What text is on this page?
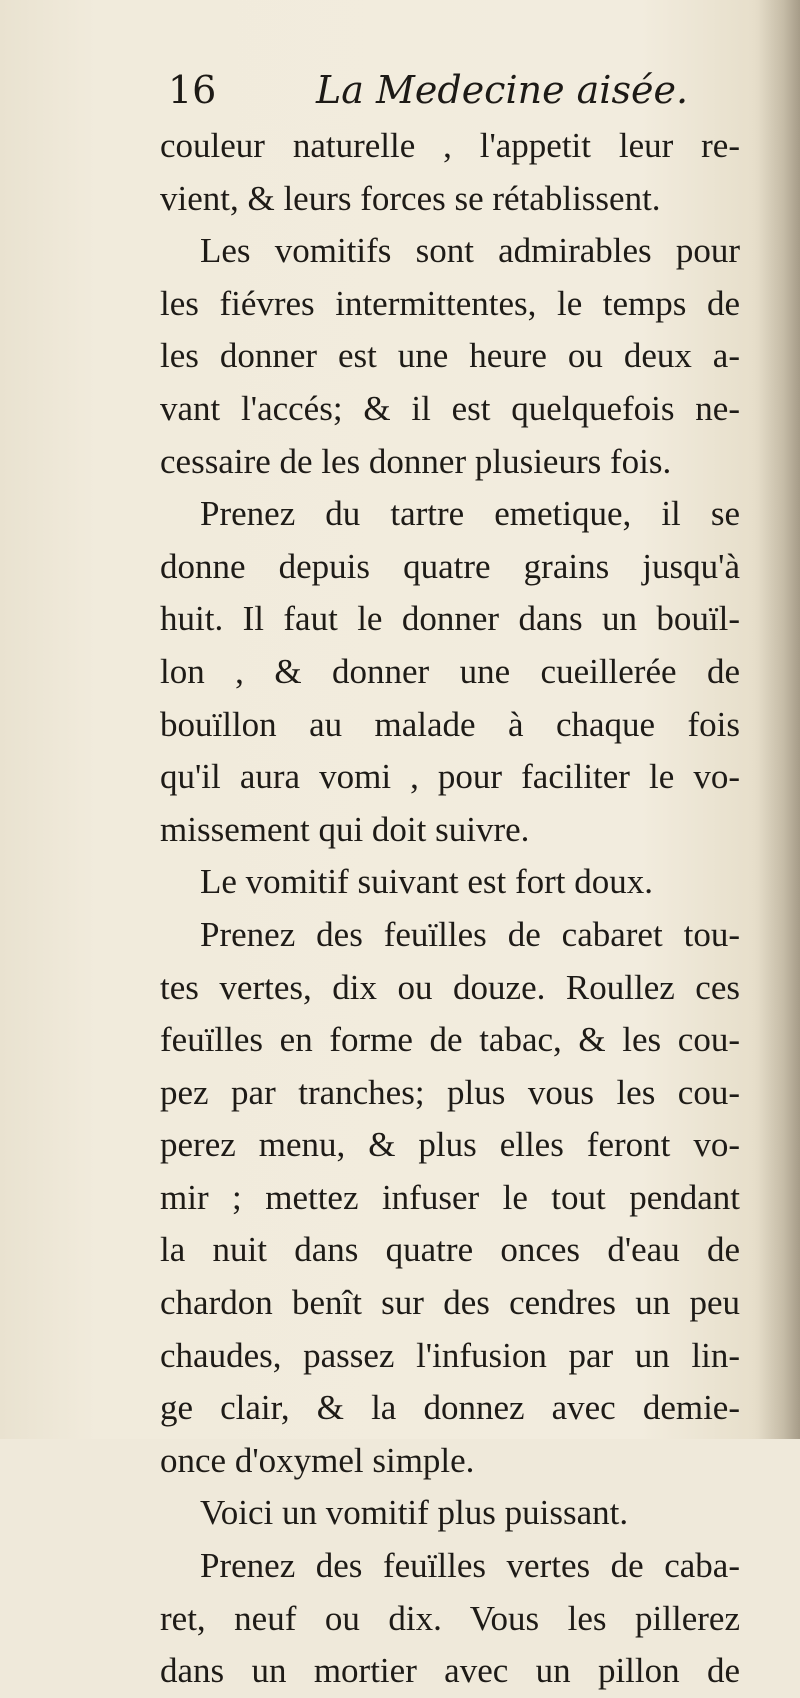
16	La Medecine aisée.
couleur naturelle , l'appetit leur re-
vient, & leurs forces se rétablissent.
Les vomitifs sont admirables pour
les fiévres intermittentes, le temps de
les donner est une heure ou deux a-
vant l'accés; & il est quelquefois ne-
cessaire de les donner plusieurs fois.
Prenez du tartre emetique, il se
donne depuis quatre grains jusqu'à
huit. Il faut le donner dans un bouïl-
lon , & donner une cueillerée de
bouïllon au malade à chaque fois
qu'il aura vomi , pour faciliter le vo-
missement qui doit suivre.
Le vomitif suivant est fort doux.
Prenez des feuïlles de cabaret tou-
tes vertes, dix ou douze. Roullez ces
feuïlles en forme de tabac, & les cou-
pez par tranches; plus vous les cou-
perez menu, & plus elles feront vo-
mir ; mettez infuser le tout pendant
la nuit dans quatre onces d'eau de
chardon benît sur des cendres un peu
chaudes, passez l'infusion par un lin-
ge clair, & la donnez avec demie-
once d'oxymel simple.
Voici un vomitif plus puissant.
Prenez des feuïlles vertes de caba-
ret, neuf ou dix. Vous les pillerez
dans un mortier avec un pillon de
